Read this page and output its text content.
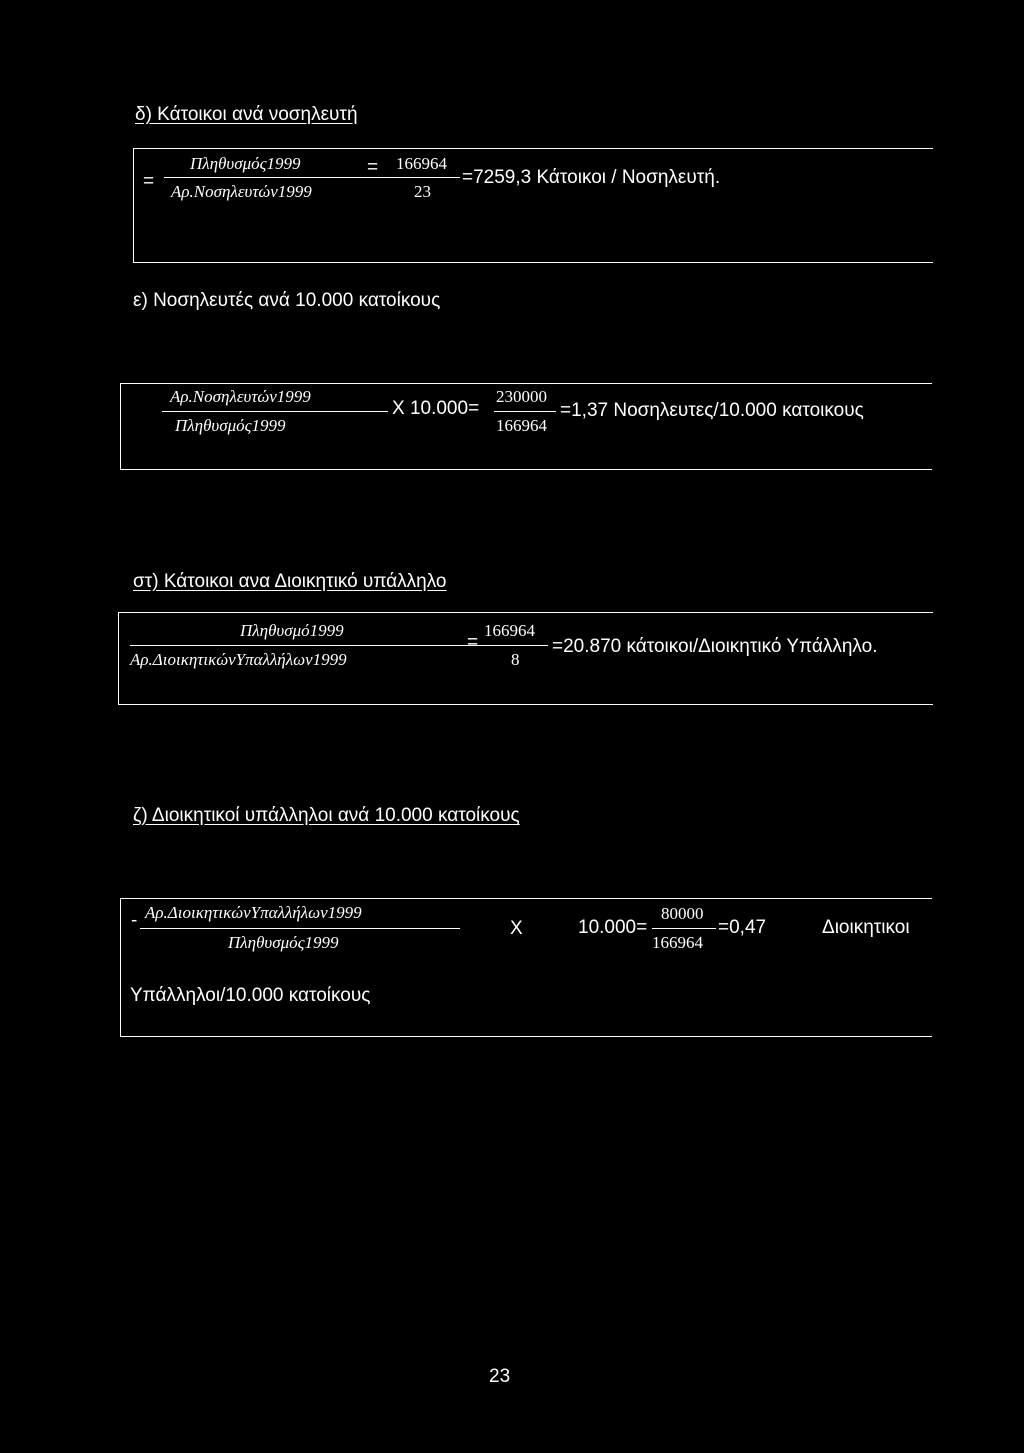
δ) Κάτοικοι ανά νοσηλευτή
=
Πληθυσμός1999
Αρ.Νοσηλευτών1999
= 166964
23
=7259,3 Κάτοικοι / Νοσηλευτή.
ε) Νοσηλευτές ανά 10.000 κατοίκους
Αρ.Νοσηλευτών1999
Πληθυσμός1999
X 10.000=
230000
166964
=1,37 Νοσηλευτες/10.000 κατοικους
στ) Κάτοικοι ανα Διοικητικό υπάλληλο
Πληθυσμό1999
Αρ.ΔιοικητικώνΥπαλλήλων1999
=
166964
8
=20.870 κάτοικοι/Διοικητικό Υπάλληλο.
ζ) Διοικητικοί υπάλληλοι ανά 10.000 κατοίκους
- Αρ.ΔιοικητικώνΥπαλλήλων1999
Πληθυσμός1999
X	10.000=
80000
166964
=0,47	Διοικητικοι
Υπάλληλοι/10.000 κατοίκους
23
